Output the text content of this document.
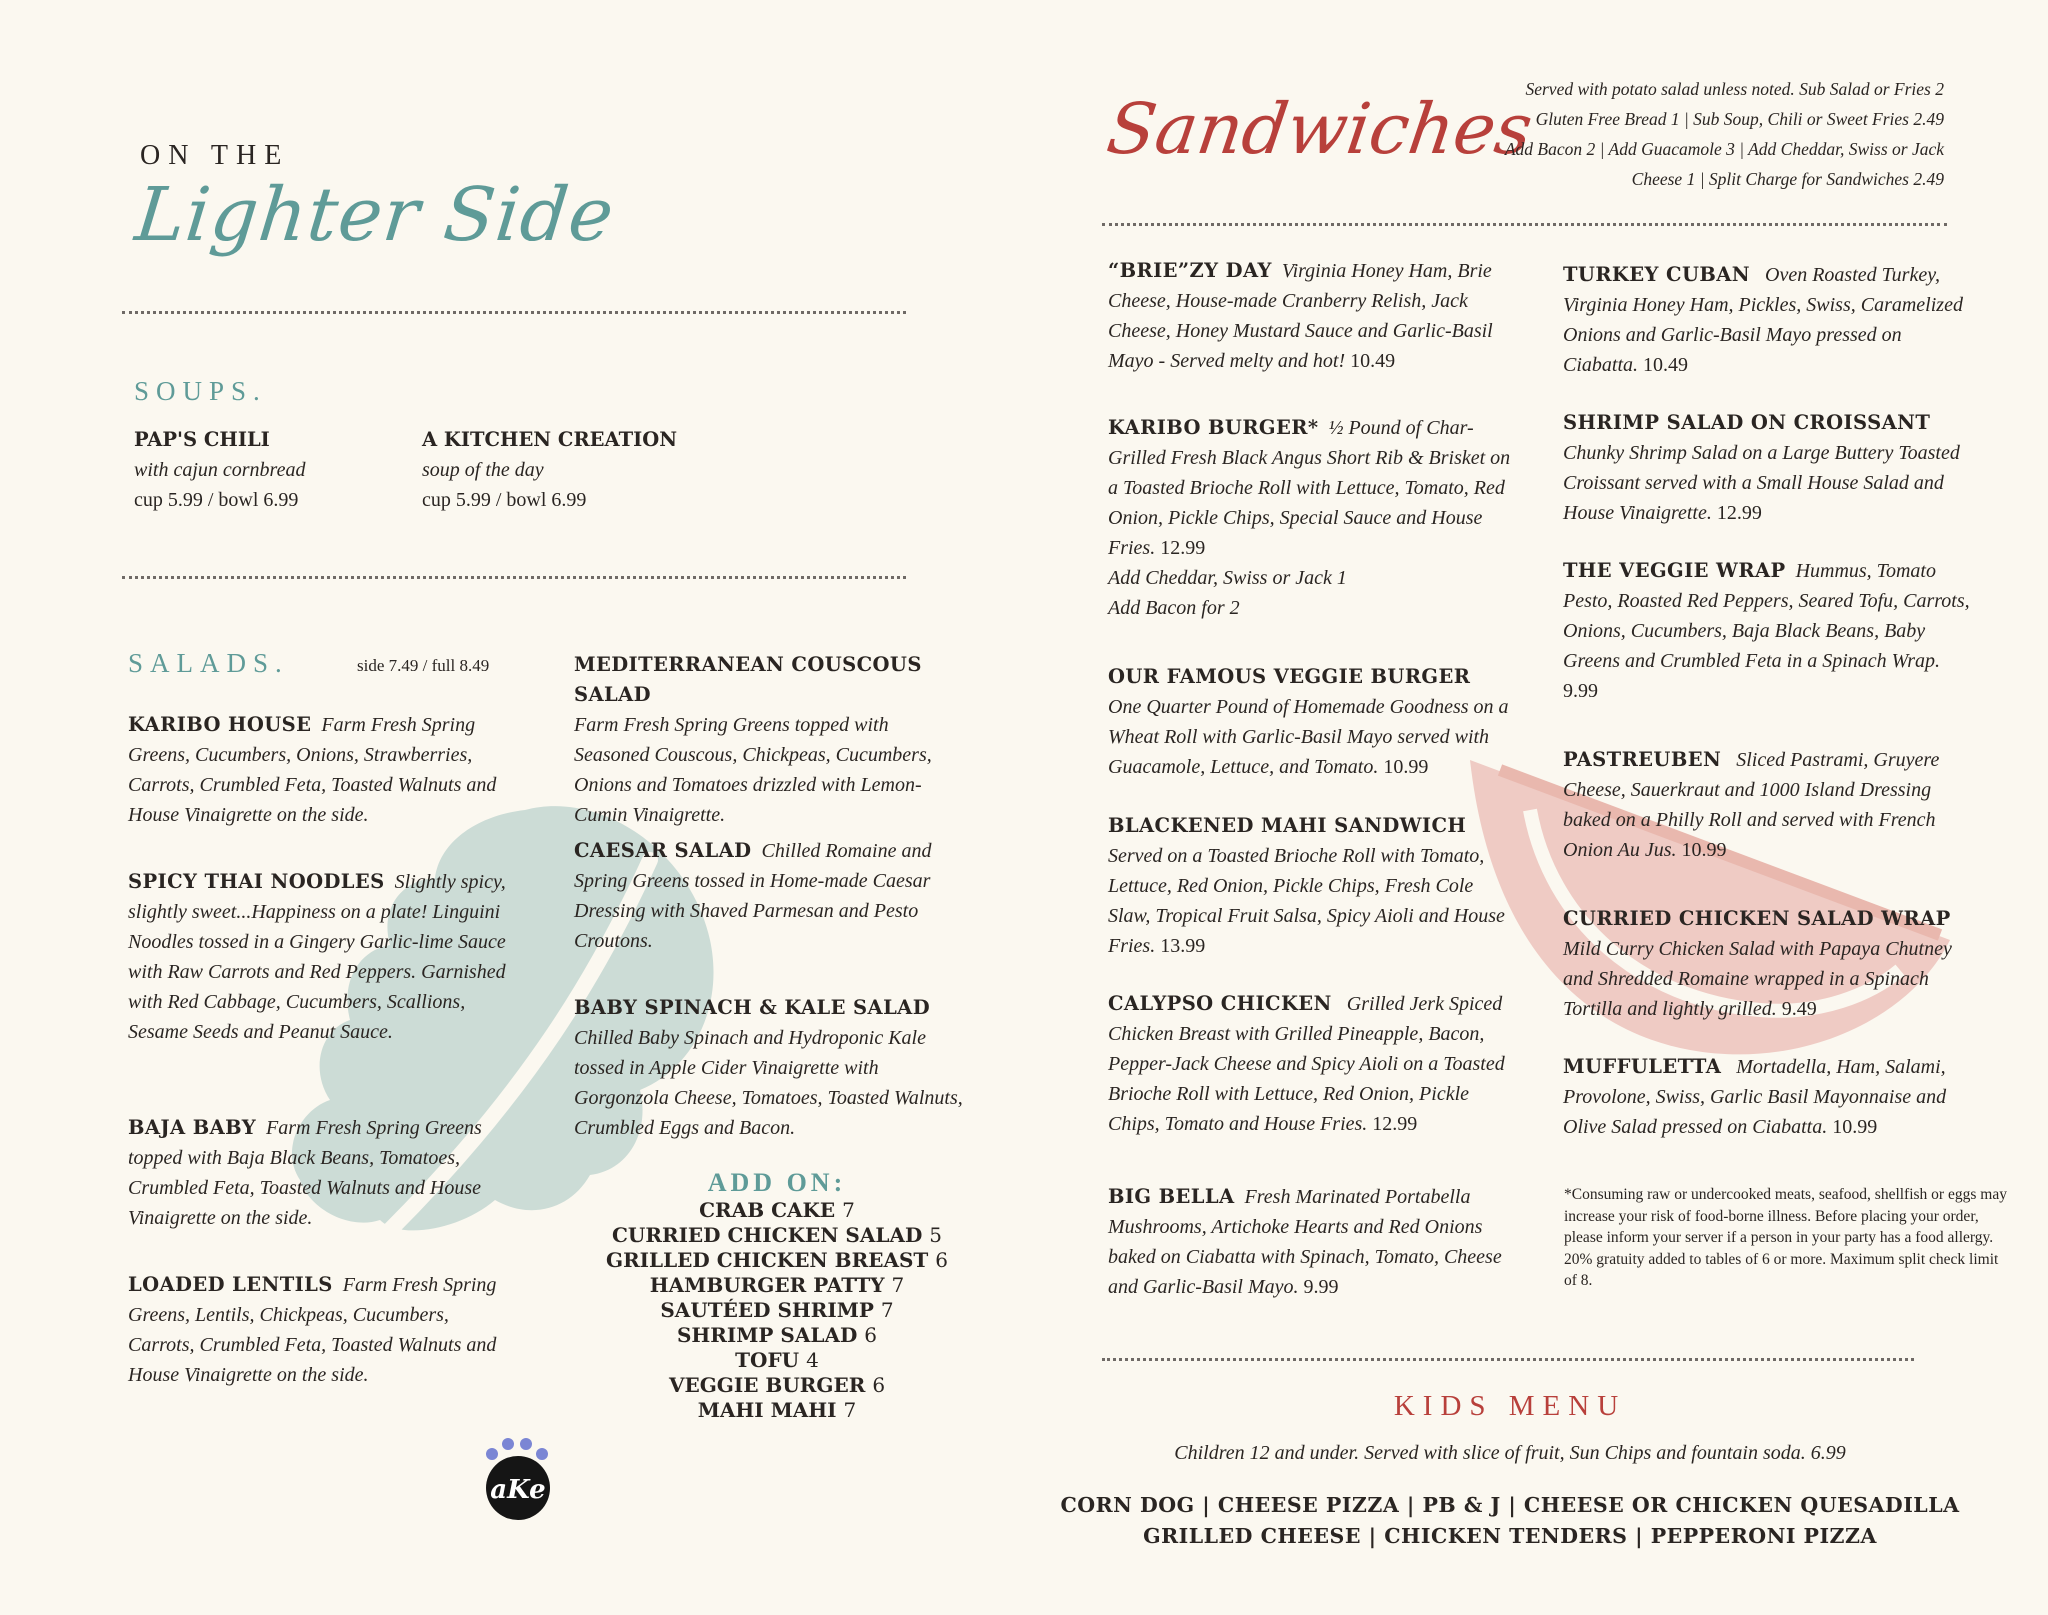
ON THE
Lighter Side
SOUPS.
PAP'S CHILI
with cajun cornbread
cup 5.99 / bowl 6.99
A KITCHEN CREATION
soup of the day
cup 5.99 / bowl 6.99
SALADS.	side 7.49 / full 8.49
KARIBO HOUSE Farm Fresh Spring Greens, Cucumbers, Onions, Strawberries, Carrots, Crumbled Feta, Toasted Walnuts and House Vinaigrette on the side.
SPICY THAI NOODLES Slightly spicy, slightly sweet...Happiness on a plate! Linguini Noodles tossed in a Gingery Garlic-lime Sauce with Raw Carrots and Red Peppers. Garnished with Red Cabbage, Cucumbers, Scallions, Sesame Seeds and Peanut Sauce.
BAJA BABY Farm Fresh Spring Greens topped with Baja Black Beans, Tomatoes, Crumbled Feta, Toasted Walnuts and House Vinaigrette on the side.
LOADED LENTILS Farm Fresh Spring Greens, Lentils, Chickpeas, Cucumbers, Carrots, Crumbled Feta, Toasted Walnuts and House Vinaigrette on the side.
MEDITERRANEAN COUSCOUS SALAD
Farm Fresh Spring Greens topped with Seasoned Couscous, Chickpeas, Cucumbers, Onions and Tomatoes drizzled with Lemon-Cumin Vinaigrette.
CAESAR SALAD Chilled Romaine and Spring Greens tossed in Home-made Caesar Dressing with Shaved Parmesan and Pesto Croutons.
BABY SPINACH & KALE SALAD
Chilled Baby Spinach and Hydroponic Kale tossed in Apple Cider Vinaigrette with Gorgonzola Cheese, Tomatoes, Toasted Walnuts, Crumbled Eggs and Bacon.
ADD ON:
CRAB CAKE 7
CURRIED CHICKEN SALAD 5
GRILLED CHICKEN BREAST 6
HAMBURGER PATTY 7
SAUTÉED SHRIMP 7
SHRIMP SALAD 6
TOFU 4
VEGGIE BURGER 6
MAHI MAHI 7
aKe
Sandwiches
Served with potato salad unless noted. Sub Salad or Fries 2
Gluten Free Bread 1 | Sub Soup, Chili or Sweet Fries 2.49
Add Bacon 2 | Add Guacamole 3 | Add Cheddar, Swiss or Jack
Cheese 1 | Split Charge for Sandwiches 2.49
“BRIE”ZY DAY Virginia Honey Ham, Brie Cheese, House-made Cranberry Relish, Jack Cheese, Honey Mustard Sauce and Garlic-Basil Mayo - Served melty and hot! 10.49
KARIBO BURGER* ½ Pound of Char-Grilled Fresh Black Angus Short Rib & Brisket on a Toasted Brioche Roll with Lettuce, Tomato, Red Onion, Pickle Chips, Special Sauce and House Fries. 12.99
Add Cheddar, Swiss or Jack 1
Add Bacon for 2
OUR FAMOUS VEGGIE BURGER
One Quarter Pound of Homemade Goodness on a Wheat Roll with Garlic-Basil Mayo served with Guacamole, Lettuce, and Tomato. 10.99
BLACKENED MAHI SANDWICH
Served on a Toasted Brioche Roll with Tomato, Lettuce, Red Onion, Pickle Chips, Fresh Cole Slaw, Tropical Fruit Salsa, Spicy Aioli and House Fries. 13.99
CALYPSO CHICKEN Grilled Jerk Spiced Chicken Breast with Grilled Pineapple, Bacon, Pepper-Jack Cheese and Spicy Aioli on a Toasted Brioche Roll with Lettuce, Red Onion, Pickle Chips, Tomato and House Fries. 12.99
BIG BELLA Fresh Marinated Portabella Mushrooms, Artichoke Hearts and Red Onions baked on Ciabatta with Spinach, Tomato, Cheese and Garlic-Basil Mayo. 9.99
TURKEY CUBAN Oven Roasted Turkey, Virginia Honey Ham, Pickles, Swiss, Caramelized Onions and Garlic-Basil Mayo pressed on Ciabatta. 10.49
SHRIMP SALAD ON CROISSANT
Chunky Shrimp Salad on a Large Buttery Toasted Croissant served with a Small House Salad and House Vinaigrette. 12.99
THE VEGGIE WRAP Hummus, Tomato Pesto, Roasted Red Peppers, Seared Tofu, Carrots, Onions, Cucumbers, Baja Black Beans, Baby Greens and Crumbled Feta in a Spinach Wrap. 9.99
PASTREUBEN Sliced Pastrami, Gruyere Cheese, Sauerkraut and 1000 Island Dressing baked on a Philly Roll and served with French Onion Au Jus. 10.99
CURRIED CHICKEN SALAD WRAP
Mild Curry Chicken Salad with Papaya Chutney and Shredded Romaine wrapped in a Spinach Tortilla and lightly grilled. 9.49
MUFFULETTA Mortadella, Ham, Salami, Provolone, Swiss, Garlic Basil Mayonnaise and Olive Salad pressed on Ciabatta. 10.99
*Consuming raw or undercooked meats, seafood, shellfish or eggs may increase your risk of food-borne illness. Before placing your order, please inform your server if a person in your party has a food allergy. 20% gratuity added to tables of 6 or more. Maximum split check limit of 8.
KIDS MENU
Children 12 and under. Served with slice of fruit, Sun Chips and fountain soda. 6.99
CORN DOG | CHEESE PIZZA | PB & J | CHEESE OR CHICKEN QUESADILLA
GRILLED CHEESE | CHICKEN TENDERS | PEPPERONI PIZZA
